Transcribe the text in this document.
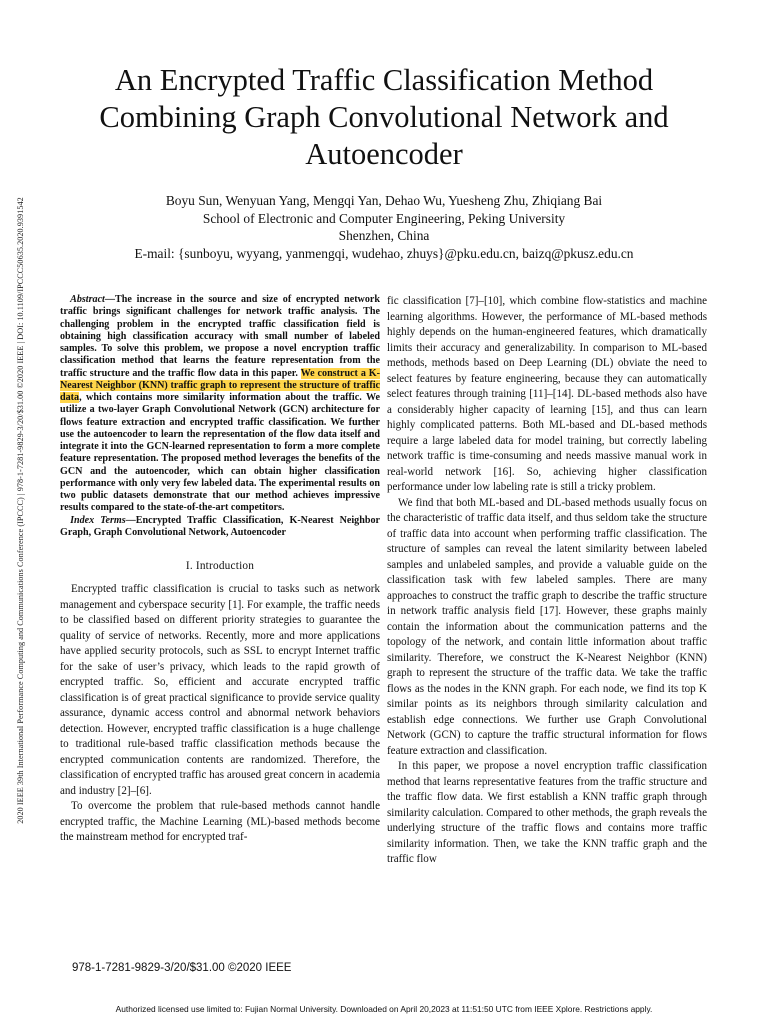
2020 IEEE 39th International Performance Computing and Communications Conference (IPCCC) | 978-1-7281-9829-3/20/$31.00 ©2020 IEEE | DOI: 10.1109/IPCCC50635.2020.9391542
An Encrypted Traffic Classification Method Combining Graph Convolutional Network and Autoencoder
Boyu Sun, Wenyuan Yang, Mengqi Yan, Dehao Wu, Yuesheng Zhu, Zhiqiang Bai
School of Electronic and Computer Engineering, Peking University
Shenzhen, China
E-mail: {sunboyu, wyyang, yanmengqi, wudehao, zhuys}@pku.edu.cn, baizq@pkusz.edu.cn

Abstract—The increase in the source and size of encrypted network traffic brings significant challenges for network traffic analysis. The challenging problem in the encrypted traffic classification field is obtaining high classification accuracy with small number of labeled samples. To solve this problem, we propose a novel encryption traffic classification method that learns the feature representation from the traffic structure and the traffic flow data in this paper. We construct a K-Nearest Neighbor (KNN) traffic graph to represent the structure of traffic data, which contains more similarity information about the traffic. We utilize a two-layer Graph Convolutional Network (GCN) architecture for flows feature extraction and encrypted traffic classification. We further use the autoencoder to learn the representation of the flow data itself and integrate it into the GCN-learned representation to form a more complete feature representation. The proposed method leverages the benefits of the GCN and the autoencoder, which can obtain higher classification performance with only very few labeled data. The experimental results on two public datasets demonstrate that our method achieves impressive results compared to the state-of-the-art competitors.

Index Terms—Encrypted Traffic Classification, K-Nearest Neighbor Graph, Graph Convolutional Network, Autoencoder

I. Introduction

Encrypted traffic classification is crucial to tasks such as network management and cyberspace security [1]. For example, the traffic needs to be classified based on different priority strategies to guarantee the quality of service of networks. Recently, more and more applications have applied security protocols, such as SSL to encrypt Internet traffic for the sake of user’s privacy, which leads to the rapid growth of encrypted traffic. So, efficient and accurate encrypted traffic classification is of great practical significance to provide service quality assurance, dynamic access control and abnormal network behaviors detection. However, encrypted traffic classification is a huge challenge to traditional rule-based traffic classification methods because the encrypted communication contents are randomized. Therefore, the classification of encrypted traffic has aroused great concern in academia and industry [2]–[6].

To overcome the problem that rule-based methods cannot handle encrypted traffic, the Machine Learning (ML)-based methods become the mainstream method for encrypted traf-

fic classification [7]–[10], which combine flow-statistics and machine learning algorithms. However, the performance of ML-based methods highly depends on the human-engineered features, which dramatically limits their accuracy and generalizability. In comparison to ML-based methods, methods based on Deep Learning (DL) obviate the need to select features by feature engineering, because they can automatically select features through training [11]–[14]. DL-based methods also have a considerably higher capacity of learning [15], and thus can learn highly complicated patterns. Both ML-based and DL-based methods require a large labeled data for model training, but correctly labeling network traffic is time-consuming and needs massive manual work in real-world network [16]. So, achieving higher classification performance under low labeling rate is still a tricky problem.

We find that both ML-based and DL-based methods usually focus on the characteristic of traffic data itself, and thus seldom take the structure of traffic data into account when performing traffic classification. The structure of samples can reveal the latent similarity between labeled samples and unlabeled samples, and provide a valuable guide on the classification task with few labeled samples. There are many approaches to construct the traffic graph to describe the traffic structure in network traffic analysis field [17]. However, these graphs mainly contain the information about the communication patterns and the topology of the network, and contain little information about traffic similarity. Therefore, we construct the K-Nearest Neighbor (KNN) graph to represent the structure of the traffic data. We take the traffic flows as the nodes in the KNN graph. For each node, we find its top K similar points as its neighbors through similarity calculation and establish edge connections. We further use Graph Convolutional Network (GCN) to capture the traffic structural information for flows feature extraction and classification.

In this paper, we propose a novel encryption traffic classification method that learns representative features from the traffic structure and the traffic flow data. We first establish a KNN traffic graph through similarity calculation. Compared to other methods, the graph reveals the underlying structure of the traffic flows and contains more traffic similarity information. Then, we take the KNN traffic graph and the traffic flow

978-1-7281-9829-3/20/$31.00 ©2020 IEEE
Authorized licensed use limited to: Fujian Normal University. Downloaded on April 20,2023 at 11:51:50 UTC from IEEE Xplore. Restrictions apply.
